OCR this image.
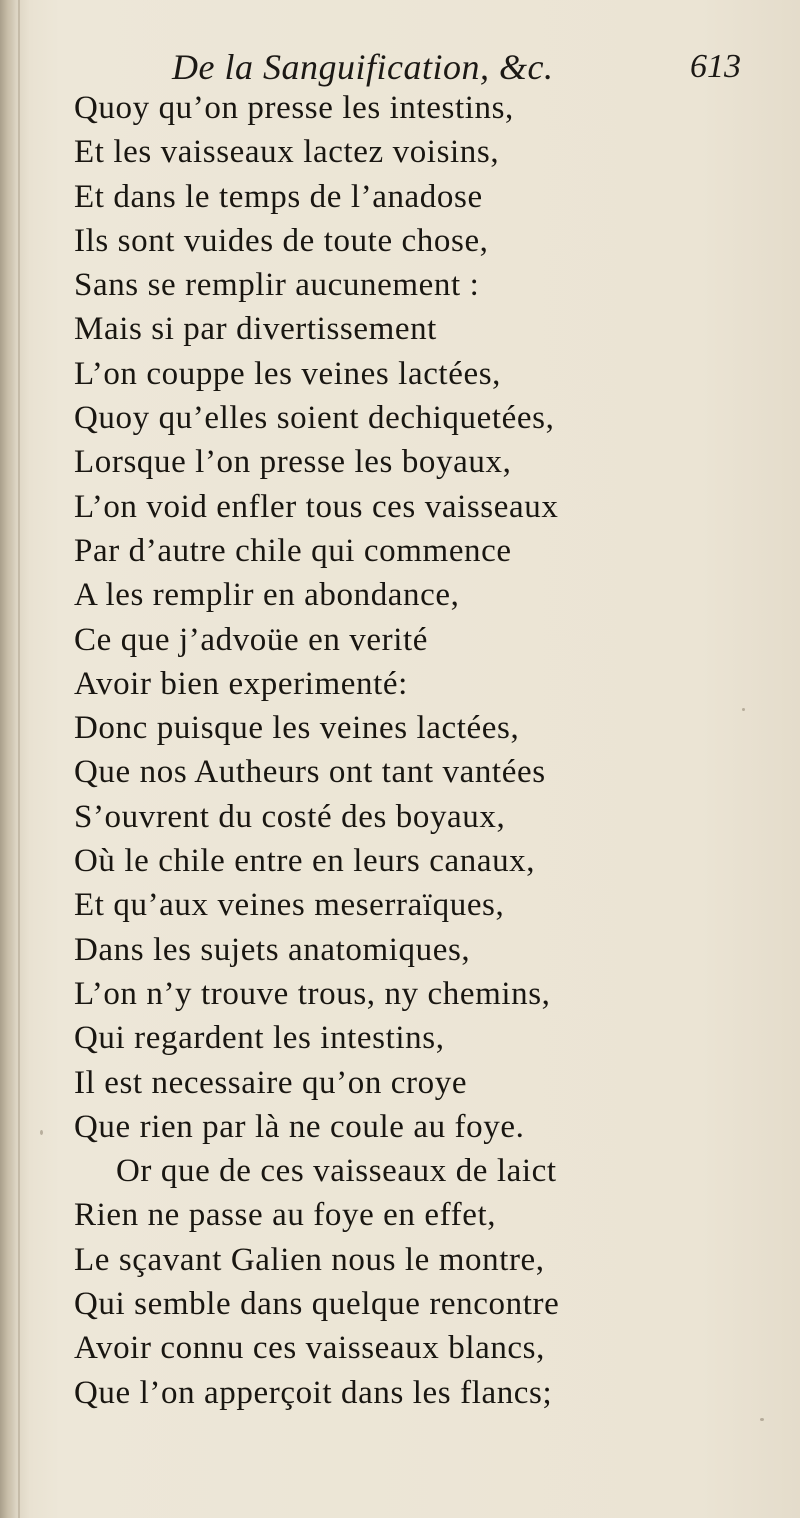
De la Sanguification, &c.	613
Quoy qu’on presse les intestins,
Et les vaisseaux lactez voisins,
Et dans le temps de l’anadose
Ils sont vuides de toute chose,
Sans se remplir aucunement :
Mais si par divertissement
L’on couppe les veines lactées,
Quoy qu’elles soient dechiquetées,
Lorsque l’on presse les boyaux,
L’on void enfler tous ces vaisseaux
Par d’autre chile qui commence
A les remplir en abondance,
Ce que j’advoüe en verité
Avoir bien experimenté:
Donc puisque les veines lactées,
Que nos Autheurs ont tant vantées
S’ouvrent du costé des boyaux,
Où le chile entre en leurs canaux,
Et qu’aux veines meserraïques,
Dans les sujets anatomiques,
L’on n’y trouve trous, ny chemins,
Qui regardent les intestins,
Il est necessaire qu’on croye
Que rien par là ne coule au foye.
Or que de ces vaisseaux de laict
Rien ne passe au foye en effet,
Le sçavant Galien nous le montre,
Qui semble dans quelque rencontre
Avoir connu ces vaisseaux blancs,
Que l’on apperçoit dans les flancs;
